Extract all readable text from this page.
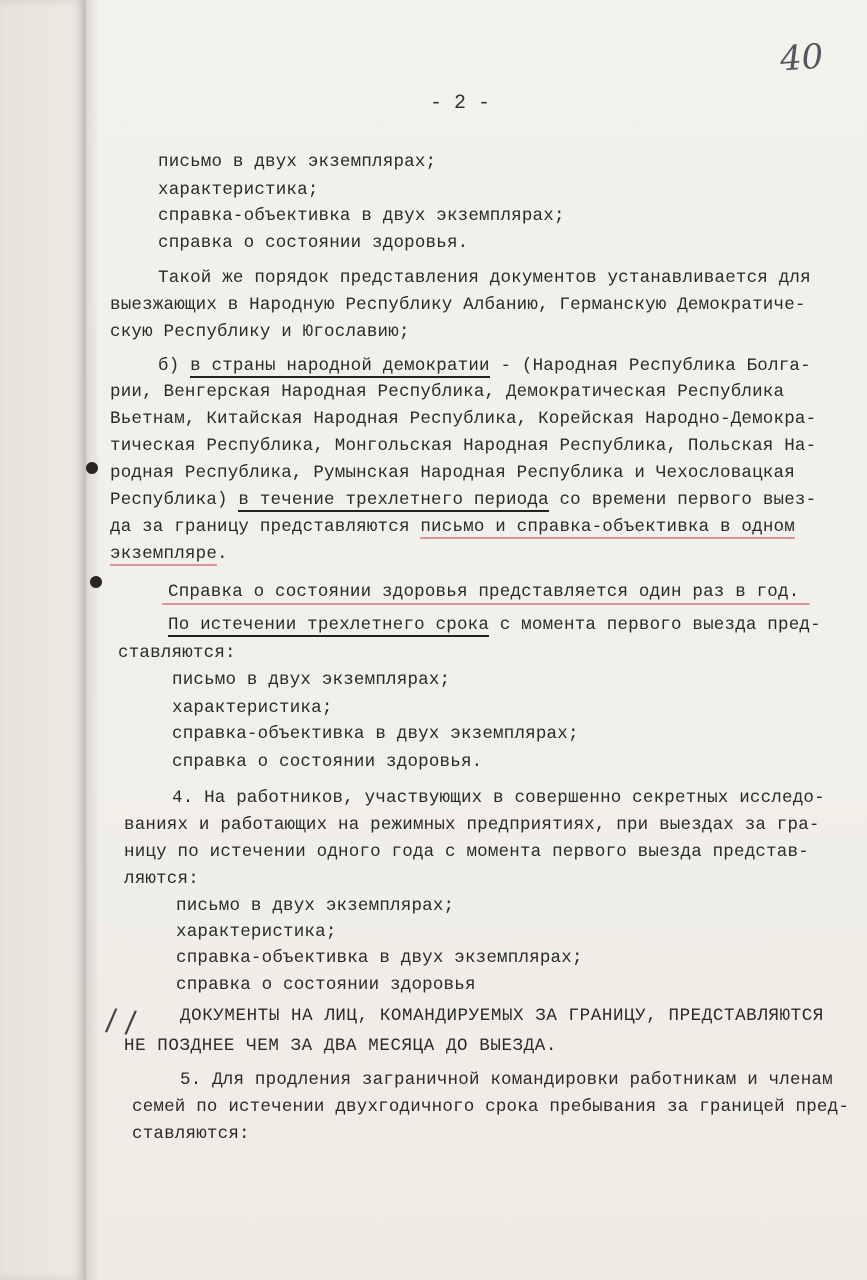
40
- 2 -
письмо в двух экземплярах;
характеристика;
справка-объективка в двух экземплярах;
справка о состоянии здоровья.
Такой же порядок представления документов устанавливается для
выезжающих в Народную Республику Албанию, Германскую Демократиче-
скую Республику и Югославию;
б) в страны народной демократии - (Народная Республика Болга-
рии, Венгерская Народная Республика, Демократическая Республика
Вьетнам, Китайская Народная Республика, Корейская Народно-Демокра-
тическая Республика, Монгольская Народная Республика, Польская На-
родная Республика, Румынская Народная Республика и Чехословацкая
Республика) в течение трехлетнего периода со времени первого выез-
да за границу представляются письмо и справка-объективка в одном
экземпляре.
Справка о состоянии здоровья представляется один раз в год.
По истечении трехлетнего срока с момента первого выезда пред-
ставляются:
письмо в двух экземплярах;
характеристика;
справка-объективка в двух экземплярах;
справка о состоянии здоровья.
4. На работников, участвующих в совершенно секретных исследо-
ваниях и работающих на режимных предприятиях, при выездах за гра-
ницу по истечении одного года с момента первого выезда представ-
ляются:
письмо в двух экземплярах;
характеристика;
справка-объективка в двух экземплярах;
справка о состоянии здоровья
/ / ДОКУМЕНТЫ НА ЛИЦ, КОМАНДИРУЕМЫХ ЗА ГРАНИЦУ, ПРЕДСТАВЛЯЮТСЯ
НЕ ПОЗДНЕЕ ЧЕМ ЗА ДВА МЕСЯЦА ДО ВЫЕЗДА.
5. Для продления заграничной командировки работникам и членам
семей по истечении двухгодичного срока пребывания за границей пред-
ставляются:
